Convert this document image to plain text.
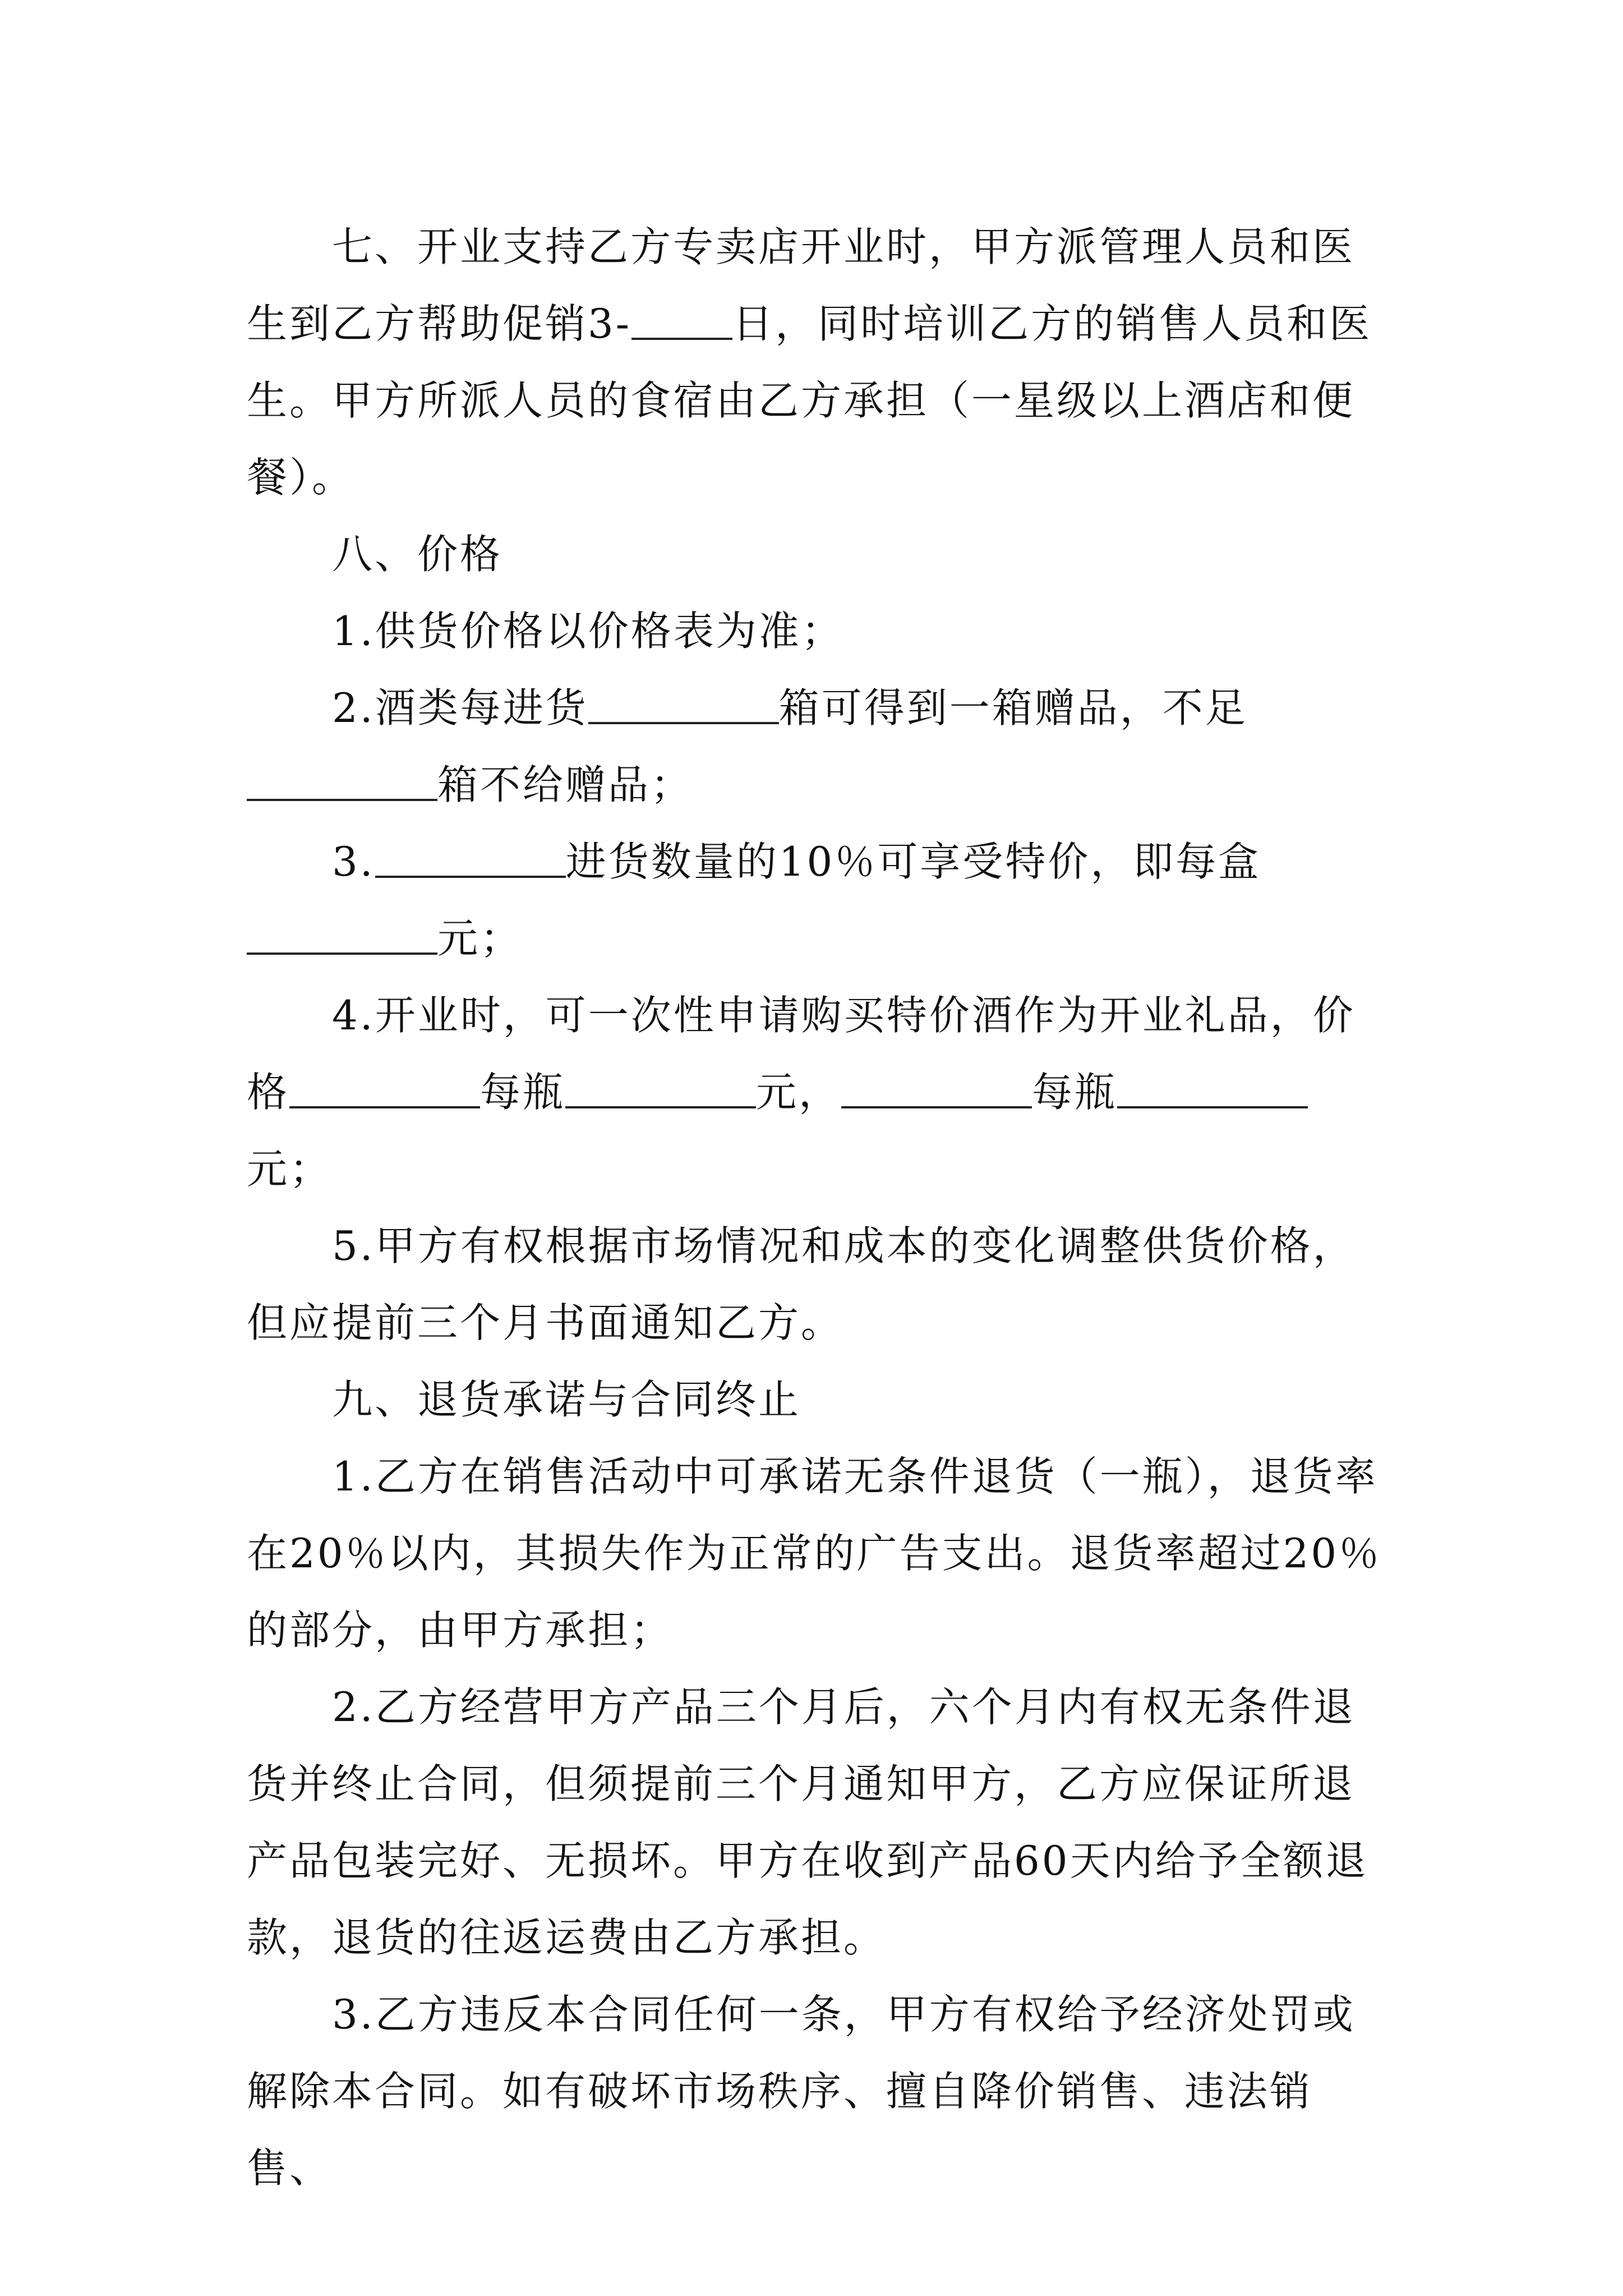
七、开业支持乙方专卖店开业时，甲方派管理人员和医生到乙方帮助促销3-	日，同时培训乙方的销售人员和医生。甲方所派人员的食宿由乙方承担（一星级以上酒店和便餐）。

八、价格

1.供货价格以价格表为准；

2.酒类每进货	箱可得到一箱赠品，不足箱不给赠品；

3.	进货数量的10％可享受特价，即每盒元；

4.开业时，可一次性申请购买特价酒作为开业礼品，价格	每瓶	元，	每瓶元；

5.甲方有权根据市场情况和成本的变化调整供货价格，但应提前三个月书面通知乙方。

九、退货承诺与合同终止

1.乙方在销售活动中可承诺无条件退货（一瓶），退货率在20％以内，其损失作为正常的广告支出。退货率超过20％的部分，由甲方承担；

2.乙方经营甲方产品三个月后，六个月内有权无条件退货并终止合同，但须提前三个月通知甲方，乙方应保证所退产品包装完好、无损坏。甲方在收到产品60天内给予全额退款，退货的往返运费由乙方承担。

3.乙方违反本合同任何一条，甲方有权给予经济处罚或解除本合同。如有破坏市场秩序、擅自降价销售、违法销售、
